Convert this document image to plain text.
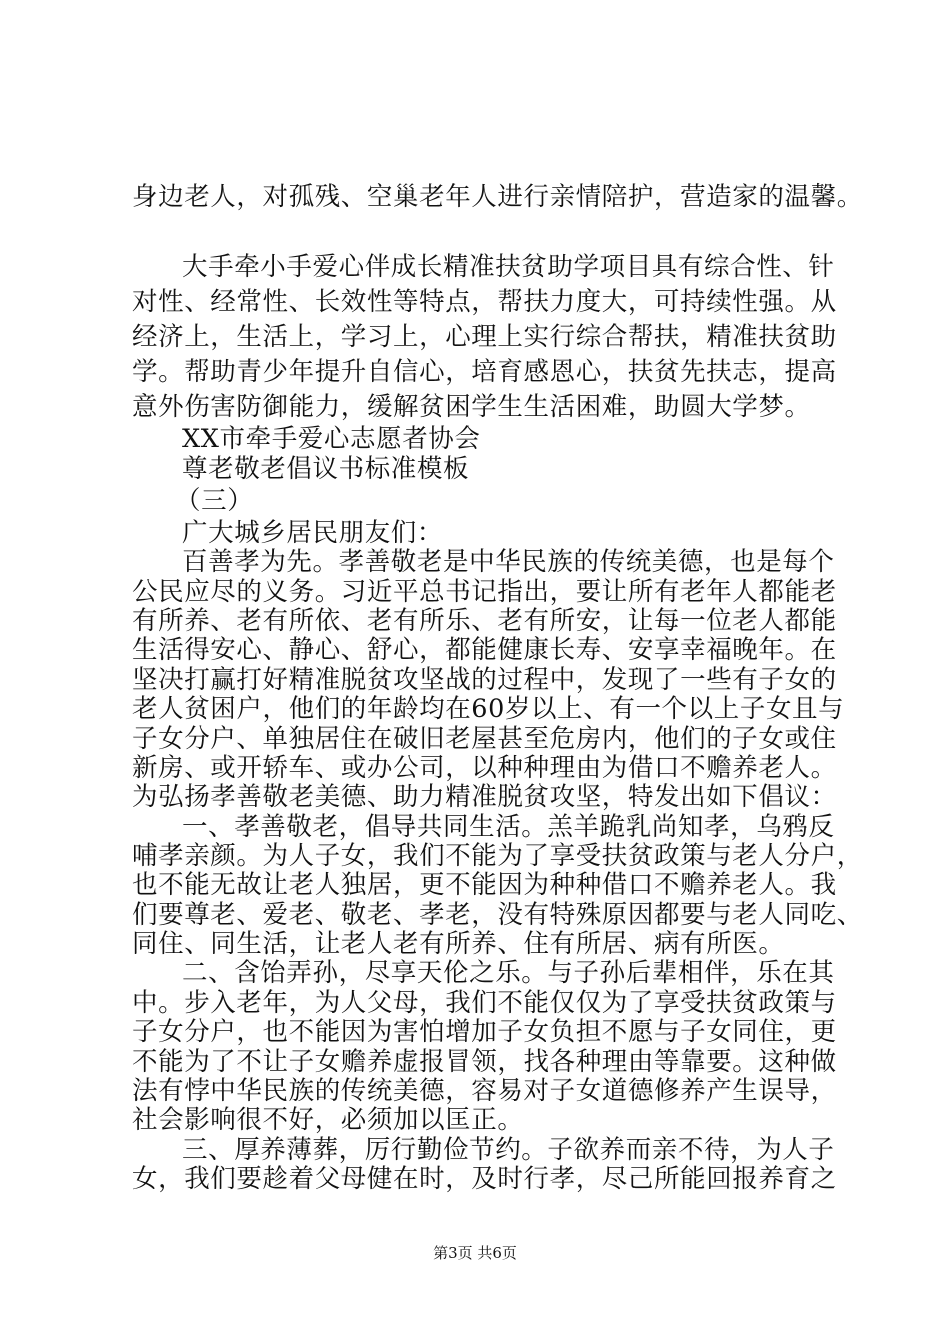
身边老人，对孤残、空巢老年人进行亲情陪护，营造家的温馨。
大手牵小手爱心伴成长精准扶贫助学项目具有综合性、针
对性、经常性、长效性等特点，帮扶力度大，可持续性强。从
经济上，生活上，学习上，心理上实行综合帮扶，精准扶贫助
学。帮助青少年提升自信心，培育感恩心，扶贫先扶志，提高
意外伤害防御能力，缓解贫困学生生活困难，助圆大学梦。
XX市牵手爱心志愿者协会
尊老敬老倡议书标准模板
（三）
广大城乡居民朋友们：
百善孝为先。孝善敬老是中华民族的传统美德，也是每个
公民应尽的义务。习近平总书记指出，要让所有老年人都能老
有所养、老有所依、老有所乐、老有所安，让每一位老人都能
生活得安心、静心、舒心，都能健康长寿、安享幸福晚年。在
坚决打赢打好精准脱贫攻坚战的过程中，发现了一些有子女的
老人贫困户，他们的年龄均在60岁以上、有一个以上子女且与
子女分户、单独居住在破旧老屋甚至危房内，他们的子女或住
新房、或开轿车、或办公司，以种种理由为借口不赡养老人。
为弘扬孝善敬老美德、助力精准脱贫攻坚，特发出如下倡议：
一、孝善敬老，倡导共同生活。羔羊跪乳尚知孝，乌鸦反
哺孝亲颜。为人子女，我们不能为了享受扶贫政策与老人分户，
也不能无故让老人独居，更不能因为种种借口不赡养老人。我
们要尊老、爱老、敬老、孝老，没有特殊原因都要与老人同吃、
同住、同生活，让老人老有所养、住有所居、病有所医。
二、含饴弄孙，尽享天伦之乐。与子孙后辈相伴，乐在其
中。步入老年，为人父母，我们不能仅仅为了享受扶贫政策与
子女分户，也不能因为害怕增加子女负担不愿与子女同住，更
不能为了不让子女赡养虚报冒领，找各种理由等靠要。这种做
法有悖中华民族的传统美德，容易对子女道德修养产生误导，
社会影响很不好，必须加以匡正。
三、厚养薄葬，厉行勤俭节约。子欲养而亲不待，为人子
女，我们要趁着父母健在时，及时行孝，尽己所能回报养育之
第3页 共6页
